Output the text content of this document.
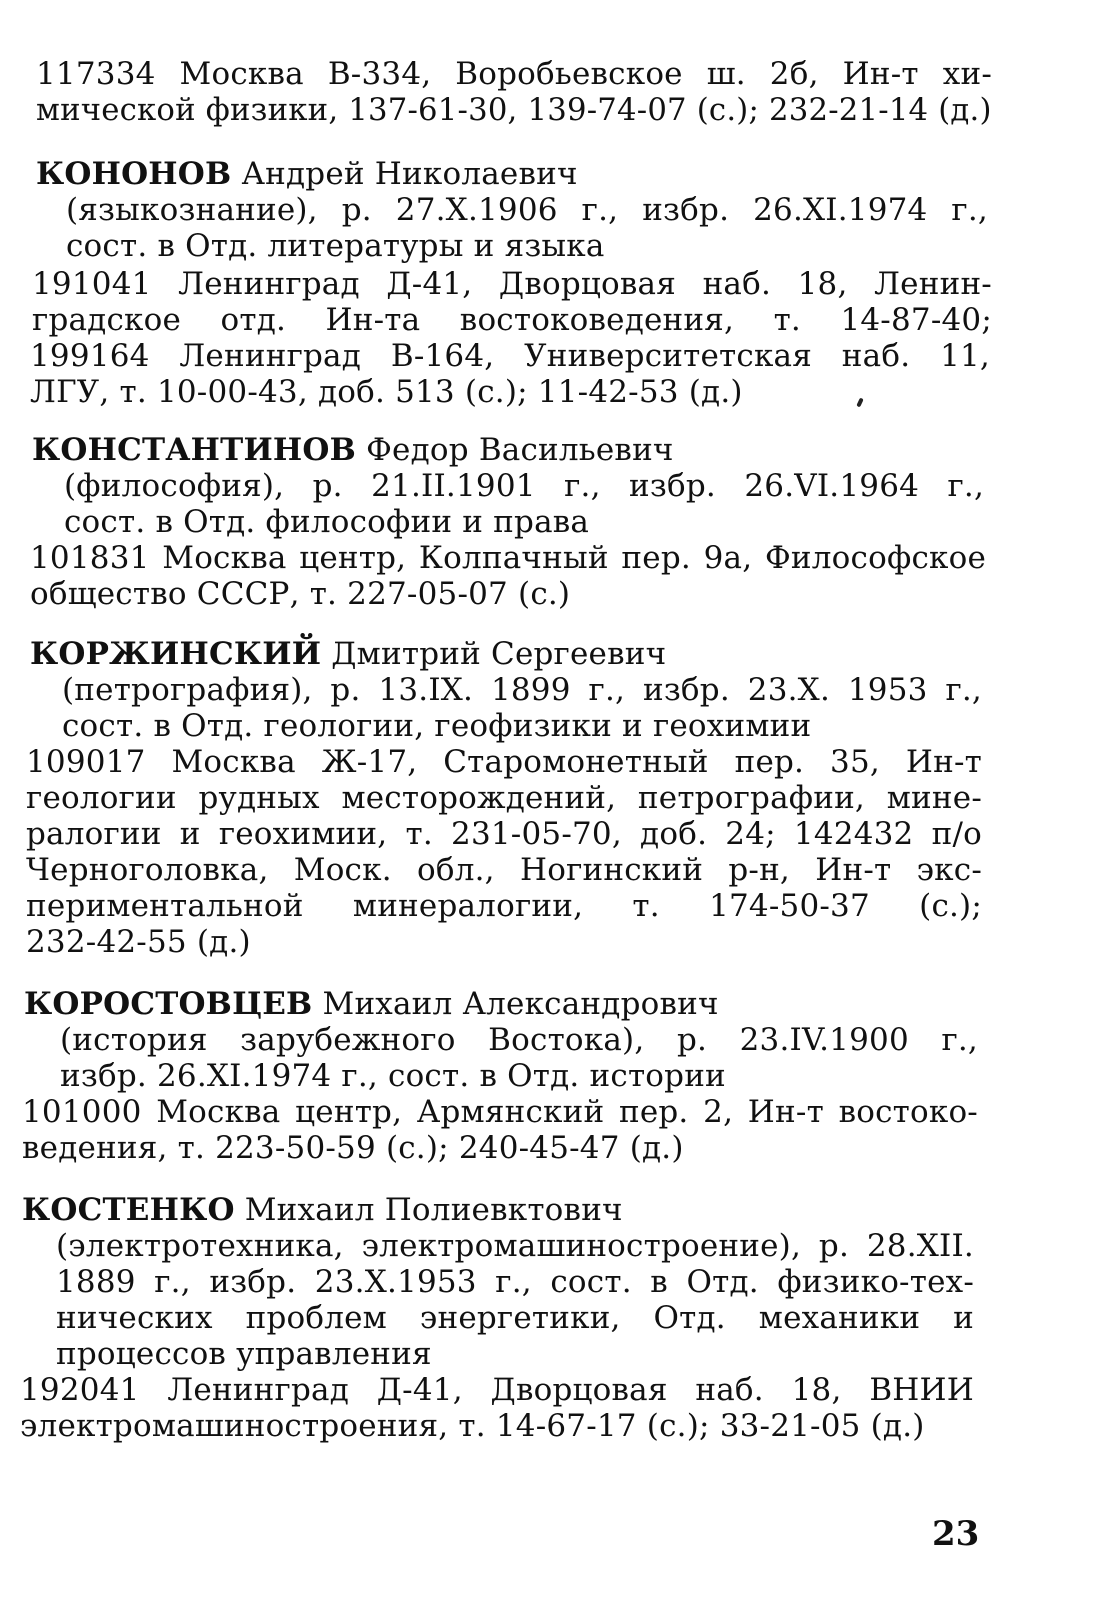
117334 Москва В-334, Воробьевское ш. 2б, Ин-т хи-
мической физики, 137-61-30, 139-74-07 (с.); 232-21-14 (д.)
КОНОНОВ Андрей Николаевич
(языкознание), р. 27.X.1906 г., избр. 26.XI.1974 г.,
сост. в Отд. литературы и языка
191041 Ленинград Д-41, Дворцовая наб. 18, Ленин-
градское отд. Ин-та востоковедения, т. 14-87-40;
199164 Ленинград В-164, Университетская наб. 11,
ЛГУ, т. 10-00-43, доб. 513 (с.); 11-42-53 (д.)
КОНСТАНТИНОВ Федор Васильевич
(философия), р. 21.II.1901 г., избр. 26.VI.1964 г.,
сост. в Отд. философии и права
101831 Москва центр, Колпачный пер. 9а, Философское
общество СССР, т. 227-05-07 (с.)
КОРЖИНСКИЙ Дмитрий Сергеевич
(петрография), р. 13.IX. 1899 г., избр. 23.X. 1953 г.,
сост. в Отд. геологии, геофизики и геохимии
109017 Москва Ж-17, Старомонетный пер. 35, Ин-т
геологии рудных месторождений, петрографии, мине-
ралогии и геохимии, т. 231-05-70, доб. 24; 142432 п/о
Черноголовка, Моск. обл., Ногинский р-н, Ин-т экс-
периментальной минералогии, т. 174-50-37 (с.);
232-42-55 (д.)
КОРОСТОВЦЕВ Михаил Александрович
(история зарубежного Востока), р. 23.IV.1900 г.,
избр. 26.XI.1974 г., сост. в Отд. истории
101000 Москва центр, Армянский пер. 2, Ин-т востоко-
ведения, т. 223-50-59 (с.); 240-45-47 (д.)
КОСТЕНКО Михаил Полиевктович
(электротехника, электромашиностроение), р. 28.XII.
1889 г., избр. 23.X.1953 г., сост. в Отд. физико-тех-
нических проблем энергетики, Отд. механики и
процессов управления
192041 Ленинград Д-41, Дворцовая наб. 18, ВНИИ
электромашиностроения, т. 14-67-17 (с.); 33-21-05 (д.)
23
